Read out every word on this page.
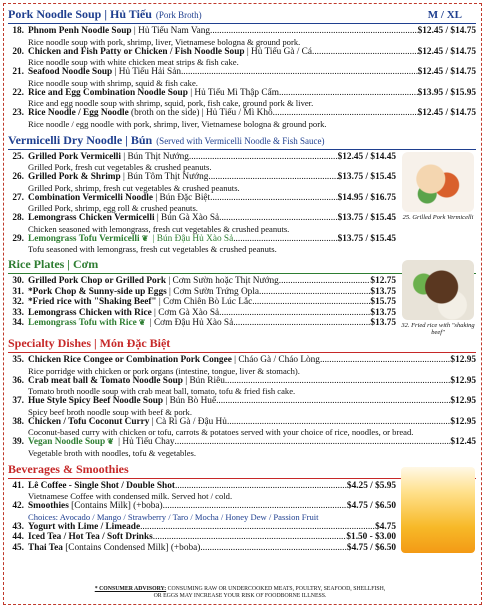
Pork Noodle Soup | Hủ Tiếu (Pork Broth)	M / XL
18. Phnom Penh Noodle Soup | Hủ Tiếu Nam Vang .....	$12.45 / $14.75
Rice noodle soup with pork, shrimp, liver, Vietnamese bologna & ground pork.
20. Chicken and Fish Patty or Chicken / Fish Noodle Soup | Hủ Tiếu Gà / Cá .....	$12.45 / $14.75
Rice noodle soup with white chicken meat strips & fish cake.
21. Seafood Noodle Soup | Hủ Tiếu Hải Sản .....	$12.45 / $14.75
Rice noodle soup with shrimp, squid & fish cake.
22. Rice and Egg Combination Noodle Soup | Hủ Tiếu Mì Thập Cẩm .....	$13.95 / $15.95
Rice and egg noodle soup with shrimp, squid, pork, fish cake, ground pork & liver.
23. Rice Noodle / Egg Noodle (broth on the side) | Hủ Tiếu / Mì Khô .....	$12.45 / $14.75
Rice noodle / egg noodle with pork, shrimp, liver, Vietnamese bologna & ground pork.
Vermicelli Dry Noodle | Bún (Served with Vermicelli Noodle & Fish Sauce)
25. Grilled Pork Vermicelli | Bún Thịt Nướng .....	$12.45 / $14.45
Grilled Pork, fresh cut vegetables & crushed peanuts.
26. Grilled Pork & Shrimp | Bún Tôm Thịt Nướng .....	$13.75 / $15.45
Grilled Pork, shrimp, fresh cut vegetables & crushed peanuts.
27. Combination Vermicelli Noodle | Bún Đặc Biệt .....	$14.95 / $16.75
Grilled Pork, shrimp, egg roll & crushed peanuts.
28. Lemongrass Chicken Vermicelli | Bún Gà Xào Sả .....	$13.75 / $15.45
Chicken seasoned with lemongrass, fresh cut vegetables & crushed peanuts.
29. Lemongrass Tofu Vermicelli ❦ | Bún Đậu Hủ Xào Sả .....	$13.75 / $15.45
Tofu seasoned with lemongrass, fresh cut vegetables & crushed peanuts.
25. Grilled Pork Vermicelli
Rice Plates | Cơm
30. Grilled Pork Chop or Grilled Pork | Cơm Sườn hoặc Thịt Nướng .....	$12.75
31. *Pork Chop & Sunny-side up Eggs | Cơm Sườn Trứng Opla .....	$13.75
32. *Fried rice with "Shaking Beef" | Cơm Chiên Bò Lúc Lắc .....	$15.75
33. Lemongrass Chicken with Rice | Cơm Gà Xào Sả .....	$13.75
34. Lemongrass Tofu with Rice ❦ | Cơm Đậu Hủ Xào Sả .....	$13.75 32. Fried rice with "shaking beef"
Specialty Dishes | Món Đặc Biệt
35. Chicken Rice Congee or Combination Pork Congee | Cháo Gà / Cháo Lòng .....	$12.95
Rice porridge with chicken or pork organs (intestine, tongue, liver & stomach).
36. Crab meat ball & Tomato Noodle Soup | Bún Riêu .....	$12.95
Tomato broth noodle soup with crab meat ball, tomato, tofu & fried fish cake.
37. Hue Style Spicy Beef Noodle Soup | Bún Bò Huế .....	$12.95
Spicy beef broth noodle soup with beef & pork.
38. Chicken / Tofu Coconut Curry | Cà Ri Gà / Đậu Hủ .....	$12.95
Coconut-based curry with chicken or tofu, carrots & potatoes served with your choice of rice, noodles, or bread.
39. Vegan Noodle Soup ❦ | Hủ Tiếu Chay .....	$12.45
Vegetable broth with noodles, tofu & vegetables.
Beverages & Smoothies
41. Lê Coffee - Single Shot / Double Shot .....	$4.25 / $5.95
Vietnamese Coffee with condensed milk. Served hot / cold.
42. Smoothies [Contains Milk] (+boba) .....	$4.75 / $6.50
Choices: Avocado / Mango / Strawberry / Taro / Mocha / Honey Dew / Passion Fruit
43. Yogurt with Lime / Limeade .....	$4.75
44. Iced Tea / Hot Tea / Soft Drinks .....	$1.50 - $3.00
45. Thai Tea [Contains Condensed Milk] (+boba) .....	$4.75 / $6.50
* CONSUMER ADVISORY: CONSUMING RAW OR UNDERCOOKED MEATS, POULTRY, SEAFOOD, SHELLFISH,
OR EGGS MAY INCREASE YOUR RISK OF FOODBORNE ILLNESS.
